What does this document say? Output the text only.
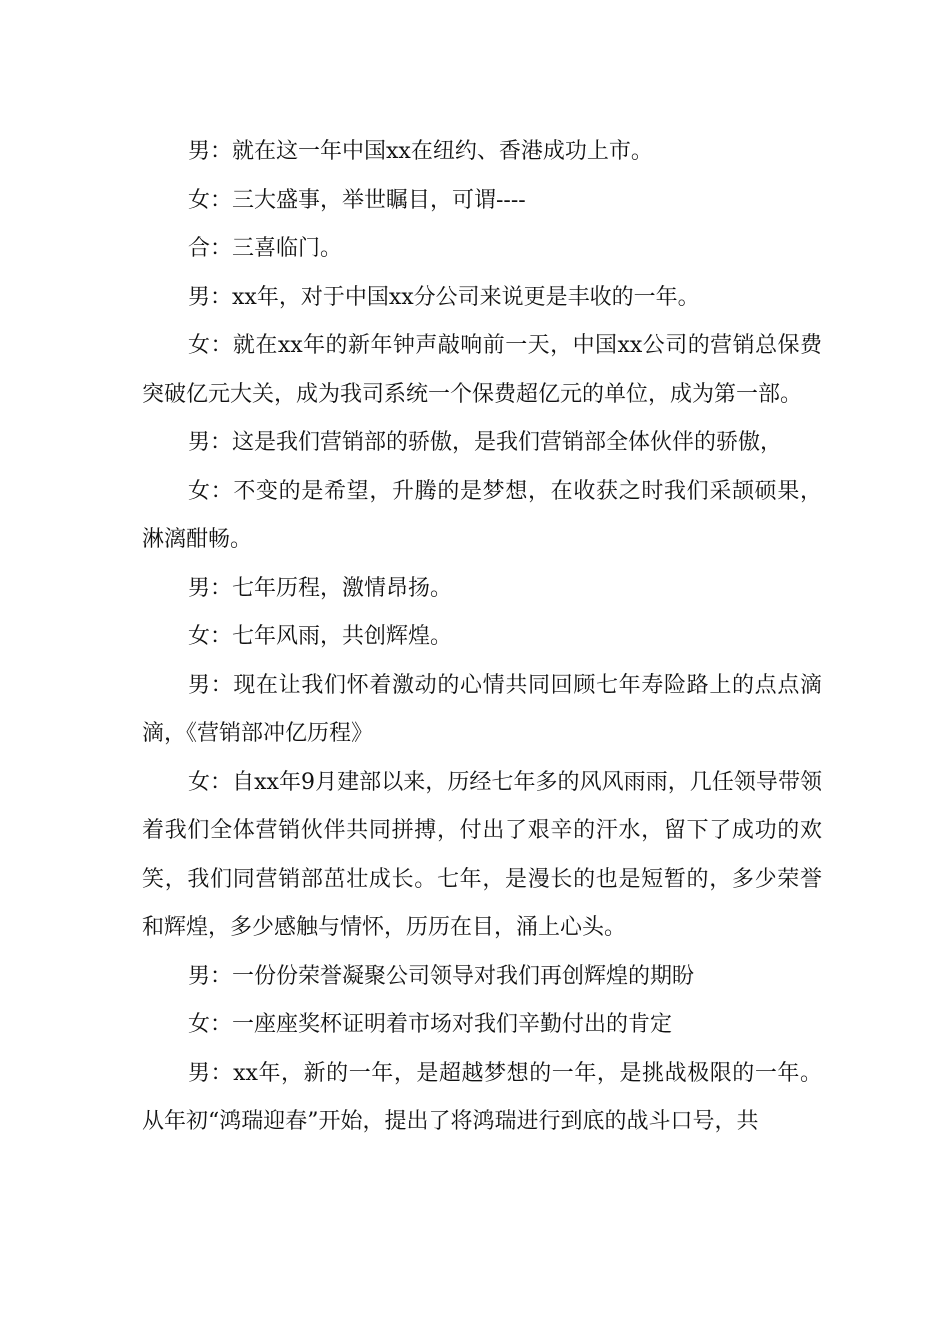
男：就在这一年中国xx在纽约、香港成功上市。

女：三大盛事，举世瞩目，可谓----

合：三喜临门。

男：xx年，对于中国xx分公司来说更是丰收的一年。

女：就在xx年的新年钟声敲响前一天，中国xx公司的营销总保费突破亿元大关，成为我司系统一个保费超亿元的单位，成为第一部。

男：这是我们营销部的骄傲，是我们营销部全体伙伴的骄傲，

女：不变的是希望，升腾的是梦想，在收获之时我们采颉硕果，淋漓酣畅。

男：七年历程，激情昂扬。

女：七年风雨，共创辉煌。

男：现在让我们怀着激动的心情共同回顾七年寿险路上的点点滴滴，《营销部冲亿历程》

女：自xx年9月建部以来，历经七年多的风风雨雨，几任领导带领着我们全体营销伙伴共同拼搏，付出了艰辛的汗水，留下了成功的欢笑，我们同营销部茁壮成长。七年，是漫长的也是短暂的，多少荣誉和辉煌，多少感触与情怀，历历在目，涌上心头。

男：一份份荣誉凝聚公司领导对我们再创辉煌的期盼

女：一座座奖杯证明着市场对我们辛勤付出的肯定

男：xx年，新的一年，是超越梦想的一年，是挑战极限的一年。从年初“鸿瑞迎春”开始，提出了将鸿瑞进行到底的战斗口号，共
